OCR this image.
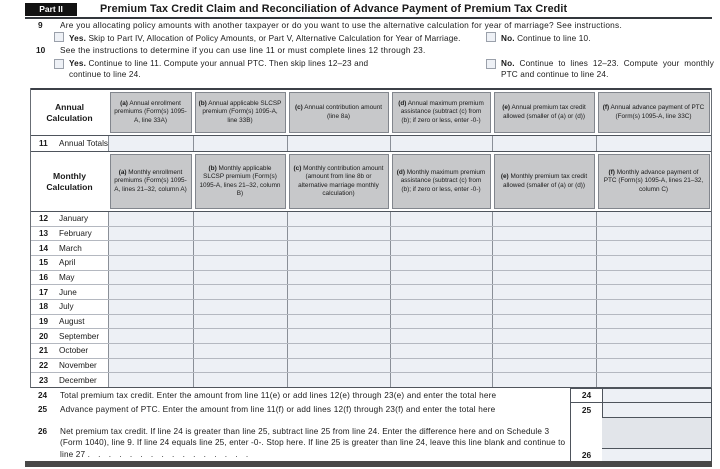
Part II	Premium Tax Credit Claim and Reconciliation of Advance Payment of Premium Tax Credit
9 Are you allocating policy amounts with another taxpayer or do you want to use the alternative calculation for year of marriage? See instructions.
Yes. Skip to Part IV, Allocation of Policy Amounts, or Part V, Alternative Calculation for Year of Marriage.	No. Continue to line 10.
10 See the instructions to determine if you can use line 11 or must complete lines 12 through 23.
Yes. Continue to line 11. Compute your annual PTC. Then skip lines 12–23 and continue to line 24.
No. Continue to lines 12–23. Compute your monthly PTC and continue to line 24.
Annual Calculation
(a) Annual enrollment premiums (Form(s) 1095-A, line 33A)
(b) Annual applicable SLCSP premium (Form(s) 1095-A, line 33B)
(c) Annual contribution amount (line 8a)
(d) Annual maximum premium assistance (subtract (c) from (b); if zero or less, enter -0-)
(e) Annual premium tax credit allowed (smaller of (a) or (d))
(f) Annual advance payment of PTC (Form(s) 1095-A, line 33C)
11	Annual Totals
Monthly Calculation
(a) Monthly enrollment premiums (Form(s) 1095-A, lines 21–32, column A)
(b) Monthly applicable SLCSP premium (Form(s) 1095-A, lines 21–32, column B)
(c) Monthly contribution amount (amount from line 8b or alternative marriage monthly calculation)
(d) Monthly maximum premium assistance (subtract (c) from (b); if zero or less, enter -0-)
(e) Monthly premium tax credit allowed (smaller of (a) or (d))
(f) Monthly advance payment of PTC (Form(s) 1095-A, lines 21–32, column C)
12	January
13	February
14	March
15	April
16	May
17	June
18	July
19	August
20	September
21	October
22	November
23	December
24 Total premium tax credit. Enter the amount from line 11(e) or add lines 12(e) through 23(e) and enter the total here	24
25 Advance payment of PTC. Enter the amount from line 11(f) or add lines 12(f) through 23(f) and enter the total here	25
26 Net premium tax credit. If line 24 is greater than line 25, subtract line 25 from line 24. Enter the difference here and on Schedule 3 (Form 1040), line 9. If line 24 equals line 25, enter -0-. Stop here. If line 25 is greater than line 24, leave this line blank and continue to line 27 . . . . . . . . . . . . . . . .	26
